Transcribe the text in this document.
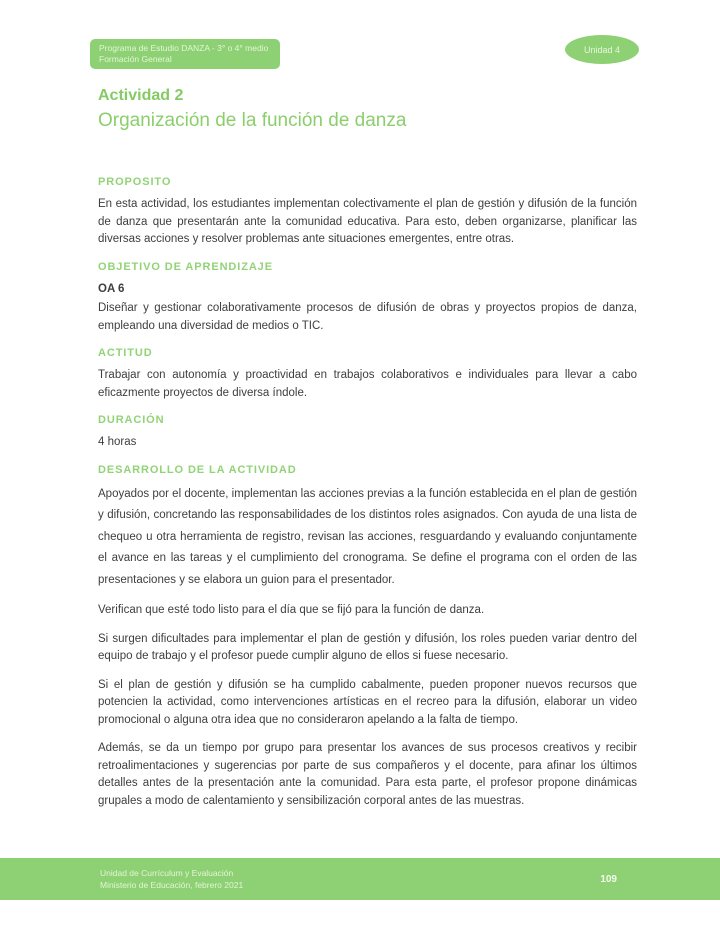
Programa de Estudio DANZA - 3° o 4° medio
Formación General
Unidad 4
Actividad 2
Organización de la función de danza
PROPOSITO

En esta actividad, los estudiantes implementan colectivamente el plan de gestión y difusión de la función de danza que presentarán ante la comunidad educativa. Para esto, deben organizarse, planificar las diversas acciones y resolver problemas ante situaciones emergentes, entre otras.

OBJETIVO DE APRENDIZAJE

OA 6

Diseñar y gestionar colaborativamente procesos de difusión de obras y proyectos propios de danza, empleando una diversidad de medios o TIC.

ACTITUD

Trabajar con autonomía y proactividad en trabajos colaborativos e individuales para llevar a cabo eficazmente proyectos de diversa índole.

DURACIÓN

4 horas

DESARROLLO DE LA ACTIVIDAD

Apoyados por el docente, implementan las acciones previas a la función establecida en el plan de gestión y difusión, concretando las responsabilidades de los distintos roles asignados. Con ayuda de una lista de chequeo u otra herramienta de registro, revisan las acciones, resguardando y evaluando conjuntamente el avance en las tareas y el cumplimiento del cronograma. Se define el programa con el orden de las presentaciones y se elabora un guion para el presentador.

Verifican que esté todo listo para el día que se fijó para la función de danza.

Si surgen dificultades para implementar el plan de gestión y difusión, los roles pueden variar dentro del equipo de trabajo y el profesor puede cumplir alguno de ellos si fuese necesario.

Si el plan de gestión y difusión se ha cumplido cabalmente, pueden proponer nuevos recursos que potencien la actividad, como intervenciones artísticas en el recreo para la difusión, elaborar un video promocional o alguna otra idea que no consideraron apelando a la falta de tiempo.

Además, se da un tiempo por grupo para presentar los avances de sus procesos creativos y recibir retroalimentaciones y sugerencias por parte de sus compañeros y el docente, para afinar los últimos detalles antes de la presentación ante la comunidad. Para esta parte, el profesor propone dinámicas grupales a modo de calentamiento y sensibilización corporal antes de las muestras.

Unidad de Currículum y Evaluación
Ministerio de Educación, febrero 2021
109
